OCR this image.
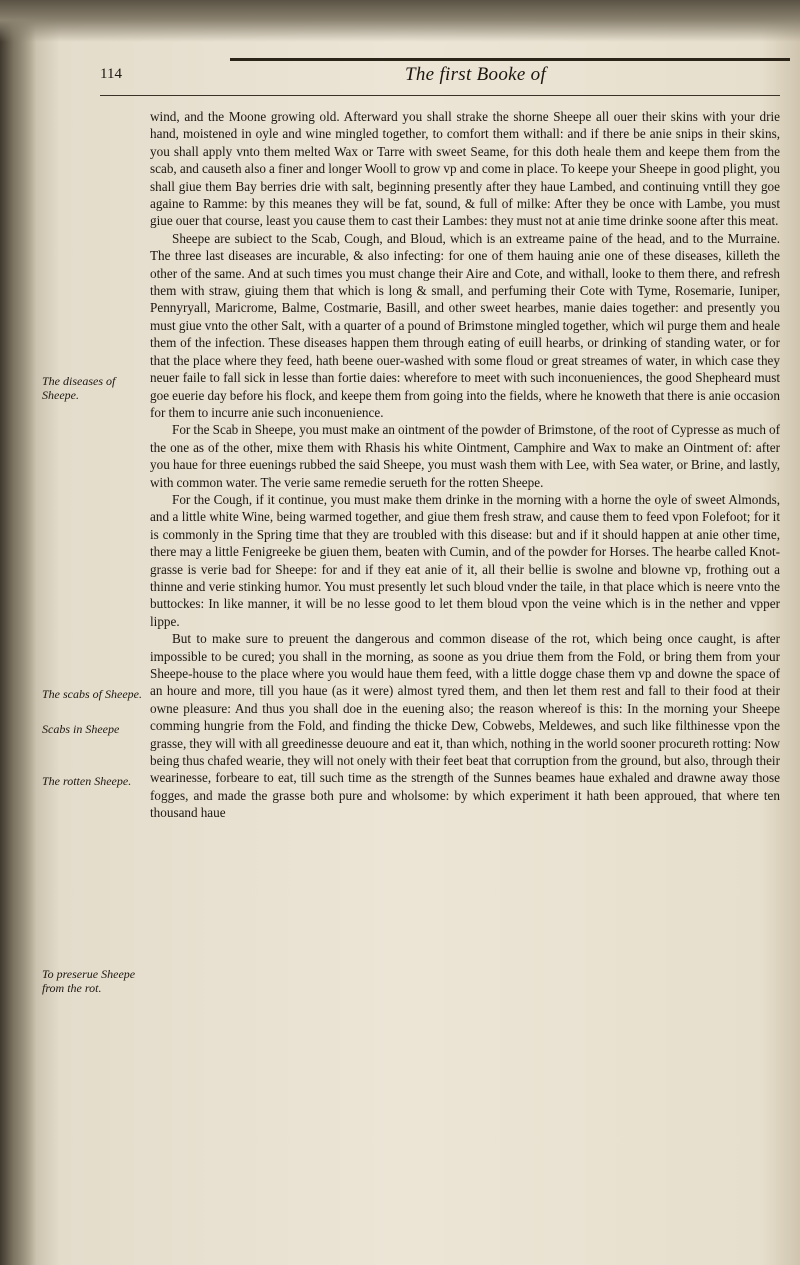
114	The first Booke of
The diseases of Sheepe.
The scabs of Sheepe.
Scabs in Sheepe
The rotten Sheepe.
To preserue Sheepe from the rot.

wind, and the Moone growing old. Afterward you shall strake the shorne Sheepe all ouer their skins with your drie hand, moistened in oyle and wine mingled together, to comfort them withall: and if there be anie snips in their skins, you shall apply vnto them melted Wax or Tarre with sweet Seame, for this doth heale them and keepe them from the scab, and causeth also a finer and longer Wooll to grow vp and come in place. To keepe your Sheepe in good plight, you shall giue them Bay berries drie with salt, beginning presently after they haue Lambed, and continuing vntill they goe againe to Ramme: by this meanes they will be fat, sound, & full of milke: After they be once with Lambe, you must giue ouer that course, least you cause them to cast their Lambes: they must not at anie time drinke soone after this meat.

Sheepe are subiect to the Scab, Cough, and Bloud, which is an extreame paine of the head, and to the Murraine. The three last diseases are incurable, & also infecting: for one of them hauing anie one of these diseases, killeth the other of the same. And at such times you must change their Aire and Cote, and withall, looke to them there, and refresh them with straw, giuing them that which is long & small, and perfuming their Cote with Tyme, Rosemarie, Iuniper, Pennyryall, Maricrome, Balme, Costmarie, Basill, and other sweet hearbes, manie daies together: and presently you must giue vnto the other Salt, with a quarter of a pound of Brimstone mingled together, which wil purge them and heale them of the infection. These diseases happen them through eating of euill hearbs, or drinking of standing water, or for that the place where they feed, hath beene ouer-washed with some floud or great streames of water, in which case they neuer faile to fall sick in lesse than fortie daies: wherefore to meet with such inconueniences, the good Shepheard must goe euerie day before his flock, and keepe them from going into the fields, where he knoweth that there is anie occasion for them to incurre anie such inconuenience.

For the Scab in Sheepe, you must make an ointment of the powder of Brimstone, of the root of Cypresse as much of the one as of the other, mixe them with Rhasis his white Ointment, Camphire and Wax to make an Ointment of: after you haue for three euenings rubbed the said Sheepe, you must wash them with Lee, with Sea water, or Brine, and lastly, with common water. The verie same remedie serueth for the rotten Sheepe.

For the Cough, if it continue, you must make them drinke in the morning with a horne the oyle of sweet Almonds, and a little white Wine, being warmed together, and giue them fresh straw, and cause them to feed vpon Folefoot; for it is commonly in the Spring time that they are troubled with this disease: but and if it should happen at anie other time, there may a little Fenigreeke be giuen them, beaten with Cumin, and of the powder for Horses. The hearbe called Knot-grasse is verie bad for Sheepe: for and if they eat anie of it, all their bellie is swolne and blowne vp, frothing out a thinne and verie stinking humor. You must presently let such bloud vnder the taile, in that place which is neere vnto the buttockes: In like manner, it will be no lesse good to let them bloud vpon the veine which is in the nether and vpper lippe.

But to make sure to preuent the dangerous and common disease of the rot, which being once caught, is after impossible to be cured; you shall in the morning, as soone as you driue them from the Fold, or bring them from your Sheepe-house to the place where you would haue them feed, with a little dogge chase them vp and downe the space of an houre and more, till you haue (as it were) almost tyred them, and then let them rest and fall to their food at their owne pleasure: And thus you shall doe in the euening also; the reason whereof is this: In the morning your Sheepe comming hungrie from the Fold, and finding the thicke Dew, Cobwebs, Meldewes, and such like filthinesse vpon the grasse, they will with all greedinesse deuoure and eat it, than which, nothing in the world sooner procureth rotting: Now being thus chafed wearie, they will not onely with their feet beat that corruption from the ground, but also, through their wearinesse, forbeare to eat, till such time as the strength of the Sunnes beames haue exhaled and drawne away those fogges, and made the grasse both pure and wholsome: by which experiment it hath been approued, that where ten thousand haue
